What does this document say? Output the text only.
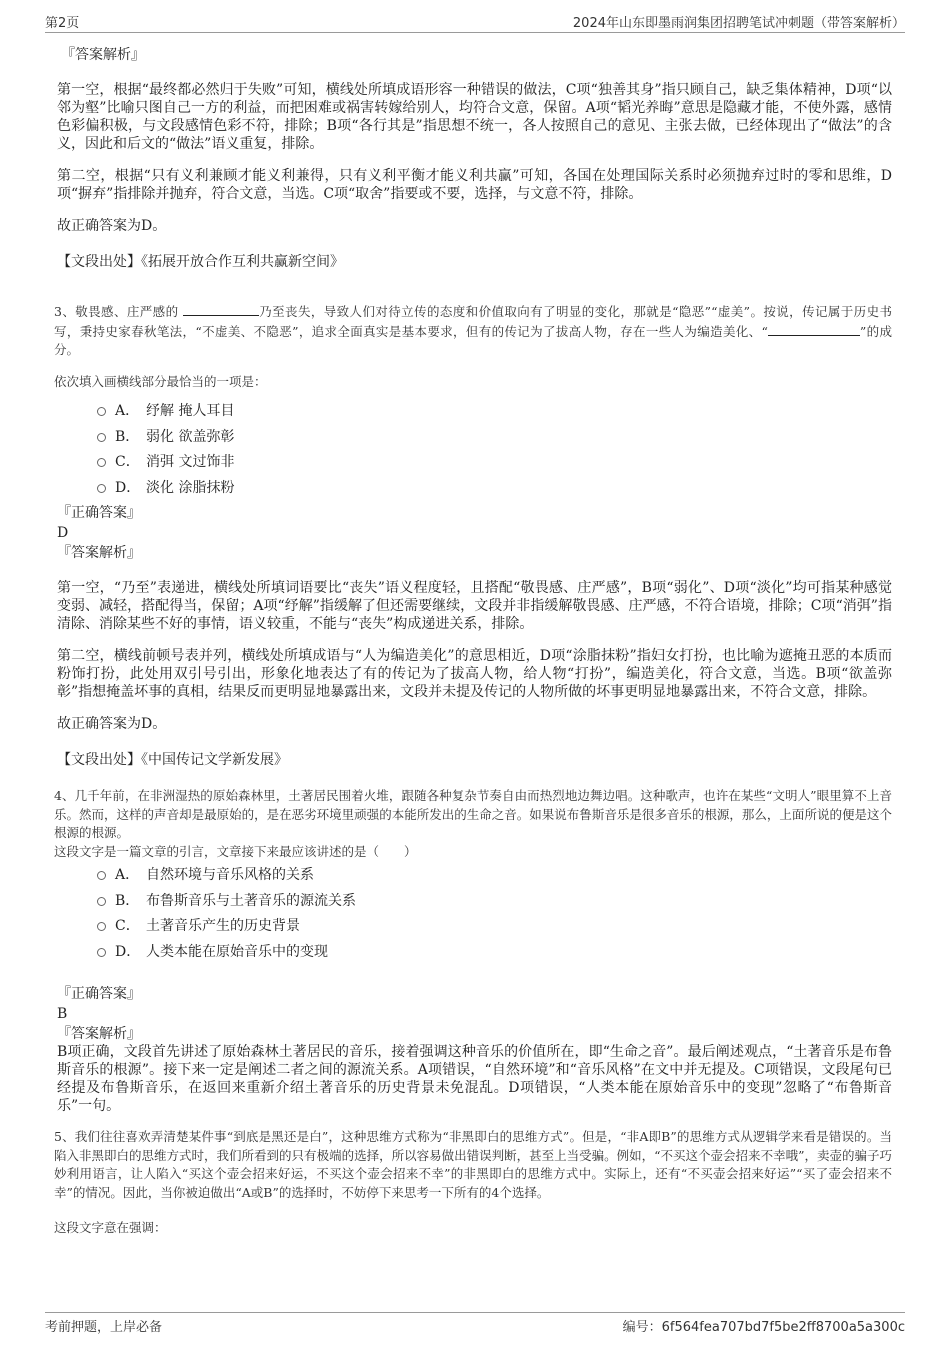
第2页	2024年山东即墨雨润集团招聘笔试冲刺题（带答案解析）
『答案解析』

第一空，根据“最终都必然归于失败”可知，横线处所填成语形容一种错误的做法，C项“独善其身”指只顾自己，缺乏集体精神，D项“以邻为壑”比喻只图自己一方的利益，而把困难或祸害转嫁给别人，均符合文意，保留。A项“韬光养晦”意思是隐藏才能，不使外露，感情色彩偏积极，与文段感情色彩不符，排除；B项“各行其是”指思想不统一，各人按照自己的意见、主张去做，已经体现出了“做法”的含义，因此和后文的“做法”语义重复，排除。

第二空，根据“只有义利兼顾才能义利兼得，只有义利平衡才能义利共赢”可知，各国在处理国际关系时必须抛弃过时的零和思维，D项“摒弃”指排除并抛弃，符合文意，当选。C项“取舍”指要或不要，选择，与文意不符，排除。

故正确答案为D。

【文段出处】《拓展开放合作互利共赢新空间》

3、敬畏感、庄严感的	乃至丧失，导致人们对待立传的态度和价值取向有了明显的变化，那就是“隐恶”“虚美”。按说，传记属于历史书写，秉持史家春秋笔法，“不虚美、不隐恶”，追求全面真实是基本要求，但有的传记为了拔高人物，存在一些人为编造美化、“	”的成分。

依次填入画横线部分最恰当的一项是：

A． 纾解 掩人耳目
B． 弱化 欲盖弥彰
C． 消弭 文过饰非
D． 淡化 涂脂抹粉
『正确答案』
D
『答案解析』

第一空，“乃至”表递进，横线处所填词语要比“丧失”语义程度轻，且搭配“敬畏感、庄严感”，B项“弱化”、D项“淡化”均可指某种感觉变弱、减轻，搭配得当，保留；A项“纾解”指缓解了但还需要继续，文段并非指缓解敬畏感、庄严感，不符合语境，排除；C项“消弭”指清除、消除某些不好的事情，语义较重，不能与“丧失”构成递进关系，排除。

第二空，横线前顿号表并列，横线处所填成语与“人为编造美化”的意思相近，D项“涂脂抹粉”指妇女打扮，也比喻为遮掩丑恶的本质而粉饰打扮，此处用双引号引出，形象化地表达了有的传记为了拔高人物，给人物“打扮”，编造美化，符合文意，当选。B项“欲盖弥彰”指想掩盖坏事的真相，结果反而更明显地暴露出来，文段并未提及传记的人物所做的坏事更明显地暴露出来，不符合文意，排除。

故正确答案为D。

【文段出处】《中国传记文学新发展》

4、几千年前，在非洲湿热的原始森林里，土著居民围着火堆，跟随各种复杂节奏自由而热烈地边舞边唱。这种歌声，也许在某些“文明人”眼里算不上音乐。然而，这样的声音却是最原始的，是在恶劣环境里顽强的本能所发出的生命之音。如果说布鲁斯音乐是很多音乐的根源，那么，上面所说的便是这个根源的根源。

这段文字是一篇文章的引言，文章接下来最应该讲述的是（　　）

A． 自然环境与音乐风格的关系
B． 布鲁斯音乐与土著音乐的源流关系
C． 土著音乐产生的历史背景
D． 人类本能在原始音乐中的变现
『正确答案』
B
『答案解析』

B项正确，文段首先讲述了原始森林土著居民的音乐，接着强调这种音乐的价值所在，即“生命之音”。最后阐述观点，“土著音乐是布鲁斯音乐的根源”。接下来一定是阐述二者之间的源流关系。A项错误，“自然环境”和“音乐风格”在文中并无提及。C项错误，文段尾句已经提及布鲁斯音乐，在返回来重新介绍土著音乐的历史背景未免混乱。D项错误，“人类本能在原始音乐中的变现”忽略了“布鲁斯音乐”一句。

5、我们往往喜欢弄清楚某件事“到底是黑还是白”，这种思维方式称为“非黑即白的思维方式”。但是，“非A即B”的思维方式从逻辑学来看是错误的。当陷入非黑即白的思维方式时，我们所看到的只有极端的选择，所以容易做出错误判断，甚至上当受骗。例如，“不买这个壶会招来不幸哦”，卖壶的骗子巧妙利用语言，让人陷入“买这个壶会招来好运，不买这个壶会招来不幸”的非黑即白的思维方式中。实际上，还有“不买壶会招来好运”“买了壶会招来不幸”的情况。因此，当你被迫做出“A或B”的选择时，不妨停下来思考一下所有的4个选择。

这段文字意在强调：

考前押题，上岸必备	编号：6f564fea707bd7f5be2ff8700a5a300c
